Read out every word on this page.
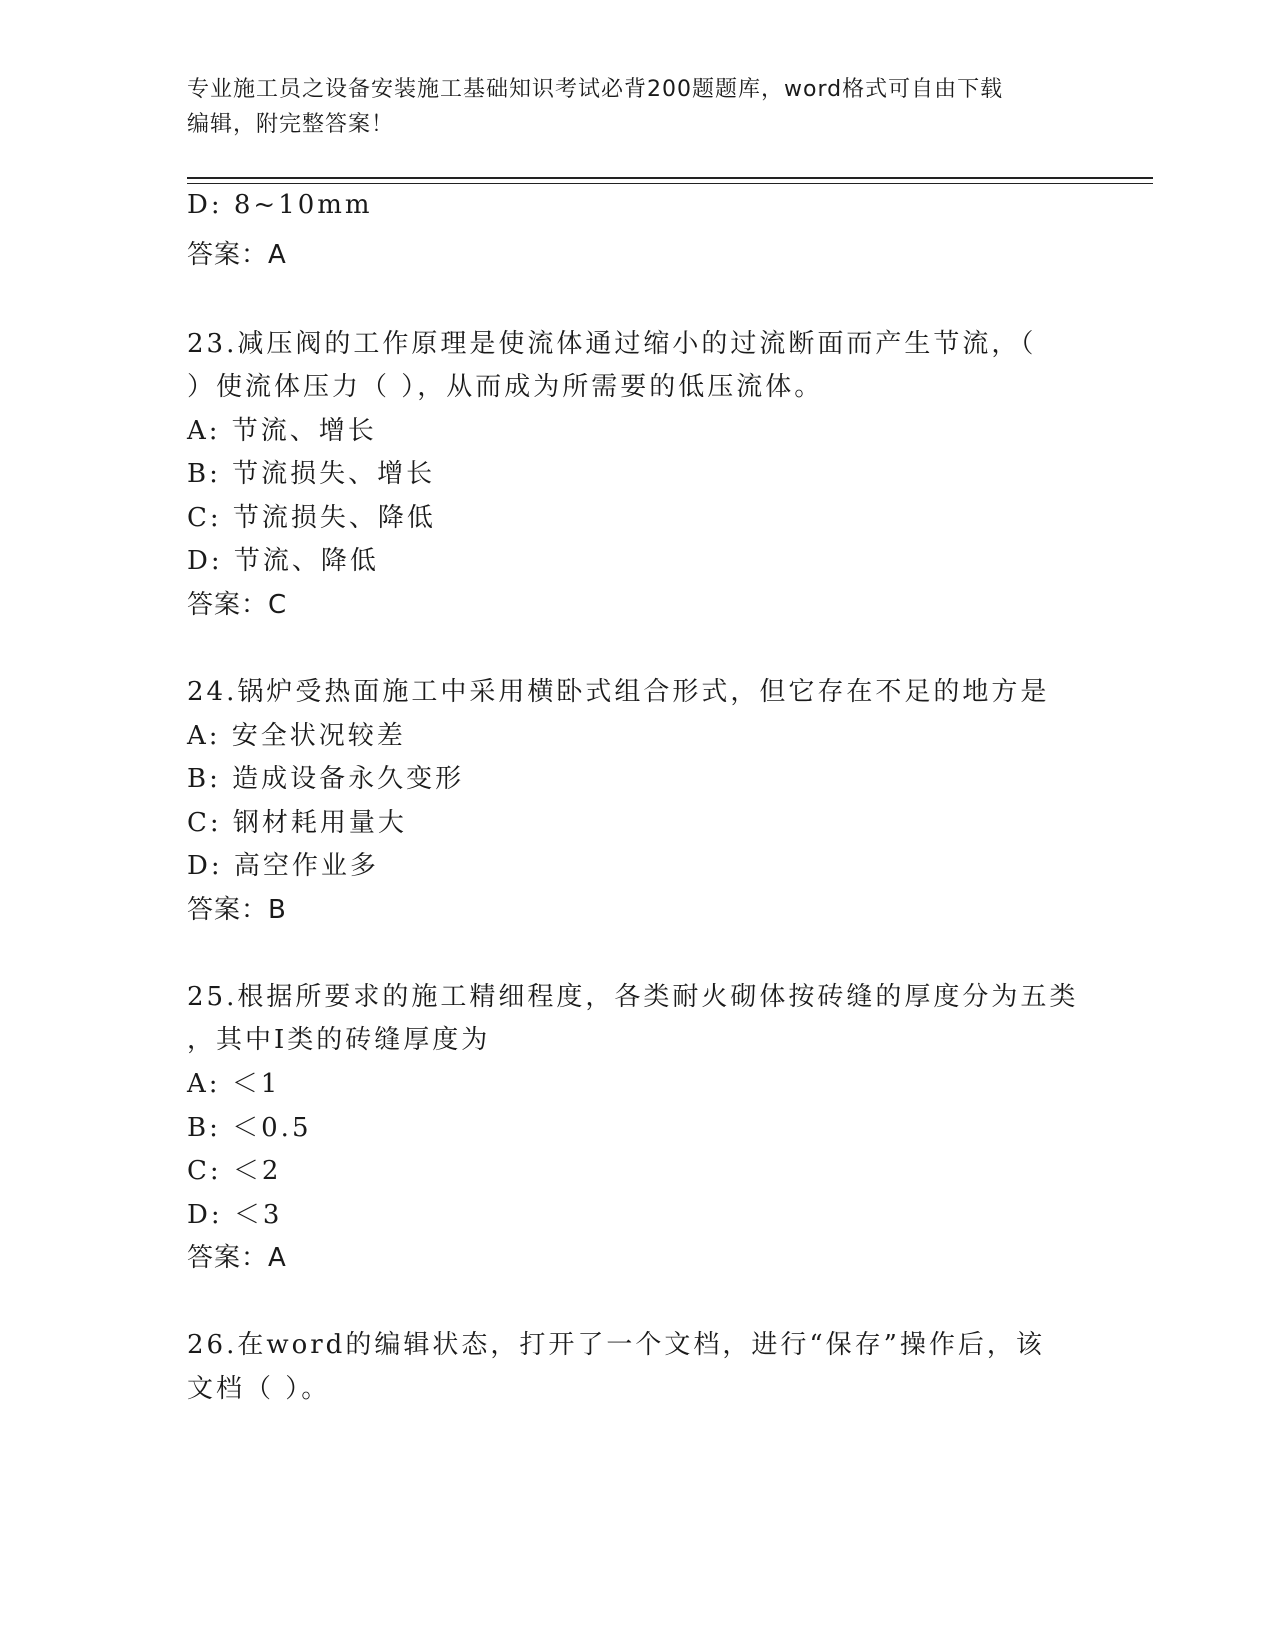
专业施工员之设备安装施工基础知识考试必背200题题库，word格式可自由下载
编辑，附完整答案！
D: 8~10mm
答案：A
23.减压阀的工作原理是使流体通过缩小的过流断面而产生节流，（
）使流体压力（ ），从而成为所需要的低压流体。
A: 节流、增长
B: 节流损失、增长
C: 节流损失、降低
D: 节流、降低
答案：C
24.锅炉受热面施工中采用横卧式组合形式，但它存在不足的地方是
A: 安全状况较差
B: 造成设备永久变形
C: 钢材耗用量大
D: 高空作业多
答案：B
25.根据所要求的施工精细程度，各类耐火砌体按砖缝的厚度分为五类
，其中Ⅰ类的砖缝厚度为
A: ＜1
B: ＜0.5
C: ＜2
D: ＜3
答案：A
26.在word的编辑状态，打开了一个文档，进行“保存”操作后，该
文档（ ）。
